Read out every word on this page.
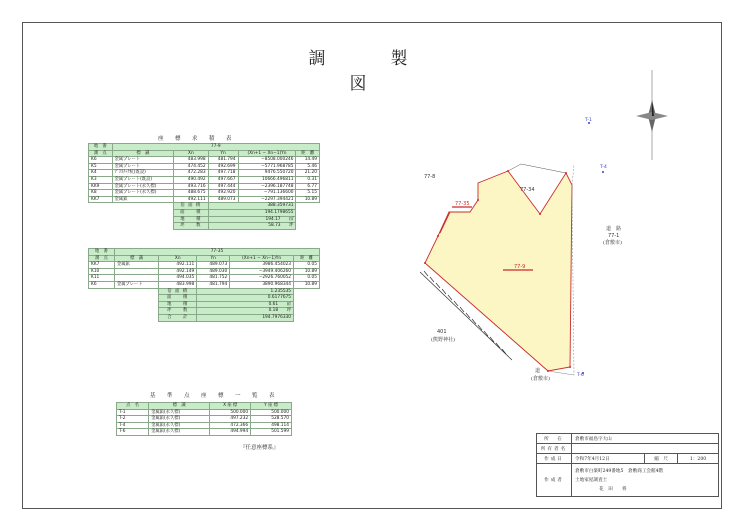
調　製　図
座　標　求　積　表
地　番	77-9				
測　点	標　識	Xn	Yn	(Xn+1 − Xn−1)Yn	距　離
K6	金属プレート	483.998	481.794	−8508.000246	14.49
K5	金属プレート	474.452	492.699	−5771.968785	5.46
K4	ﾌﾟﾗｽﾁｯｸ杭(既設)	472.283	497.718	9476.550720	21.20
K3	金属プレート(既設)	490.492	497.667	10666.496811	0.31
KK9	金属プレート(永久標)	493.716	497.444	−2396.187748	6.77
K8	金属プレート(永久標)	488.675	492.920	−791.136600	5.15
KK7	金属鋲	492.111	489.073	−2297.394421	10.89
		倍 面 積	388.359731		
		面　　積	194.1798655		
		地　　積	194.17　　㎡		
		坪　　数	58.73　　坪		
地　番	77-35				
測　点	標　識	Xn	Yn	(Xn+1 − Xn−1)Yn	距　離
KK7	金属鋲	492.111	489.073	3986.454023	0.05
K10		492.149	489.030	−3949.406260	10.89
K11		494.035	481.752	−2926.760052	0.05
K6	金属プレート	483.998	481.794	3890.968344	10.89
		倍 面 積	1.235535		
		面　　積	0.6177675		
		地　　積	0.61　　㎡		
		坪　　数	0.18　　坪		
		合　　計	194.7976330		
基　準　点　座　標　一　覧　表
点　名	標　識	X 座 標	Y 座 標
T-1	金属鋲(永久標)	500.000	500.000
T-2	金属鋲(永久標)	497.232	528.570
T-4	金属鋲(永久標)	472.366	498.114
T-6	金属鋲(永久標)	494.994	501.599
『任意座標系』
77-9
77-35
77-34
77-8
道　路
77-1
(倉敷市)
道
(倉敷市)
401
(熊野神社)
T-1
T-4
T-6
所　在	倉敷市福島字大山		
所有者名			
作成日	令和7年4月12日	縮　尺	1：200
作成者	倉敷市白楽町249番地5　倉敷商工会館4階
土地家屋調査士
花　田　　将		
